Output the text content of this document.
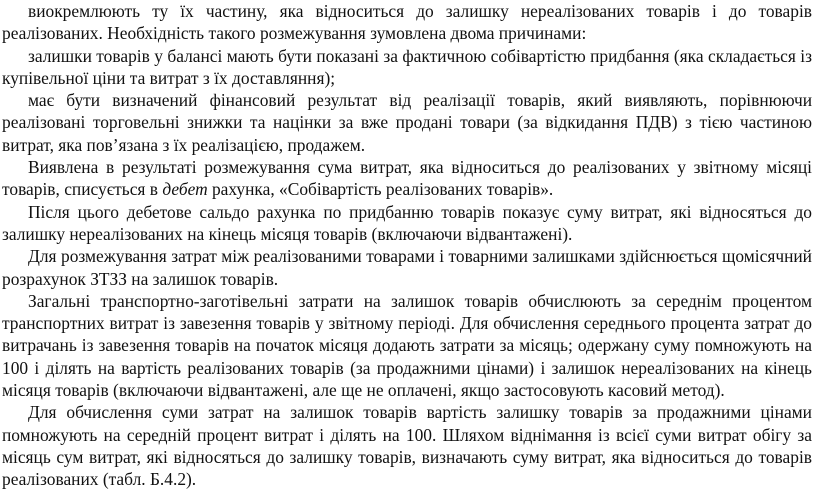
виокремлюють ту їх частину, яка відноситься до залишку нереалізованих товарів і до товарів реалізованих. Необхідність такого розмежування зумовлена двома причинами:

залишки товарів у балансі мають бути показані за фактичною собівартістю придбання (яка складається із купівельної ціни та витрат з їх доставляння);

має бути визначений фінансовий результат від реалізації товарів, який виявляють, порівнюючи реалізовані торговельні знижки та націнки за вже продані товари (за відкидання ПДВ) з тією частиною витрат, яка пов’язана з їх реалізацією, продажем.

Виявлена в результаті розмежування сума витрат, яка відноситься до реалізованих у звітному місяці товарів, списується в дебет рахунка, «Собівартість реалізованих товарів».

Після цього дебетове сальдо рахунка по придбанню товарів показує суму витрат, які відносяться до залишку нереалізованих на кінець місяця товарів (включаючи відвантажені).

Для розмежування затрат між реалізованими товарами і товарними залишками здійснюється щомісячний розрахунок ЗТЗЗ на залишок товарів.

Загальні транспортно-заготівельні затрати на залишок товарів обчислюють за середнім процентом транспортних витрат із завезення товарів у звітному періоді. Для обчислення середнього процента затрат до витрачань із завезення товарів на початок місяця додають затрати за місяць; одержану суму помножують на 100 і ділять на вартість реалізованих товарів (за продажними цінами) і залишок нереалізованих на кінець місяця товарів (включаючи відвантажені, але ще не оплачені, якщо застосовують касовий метод).

Для обчислення суми затрат на залишок товарів вартість залишку товарів за продажними цінами помножують на середній процент витрат і ділять на 100. Шляхом віднімання із всієї суми витрат обігу за місяць сум витрат, які відносяться до залишку товарів, визначають суму витрат, яка відноситься до товарів реалізованих (табл. Б.4.2).
